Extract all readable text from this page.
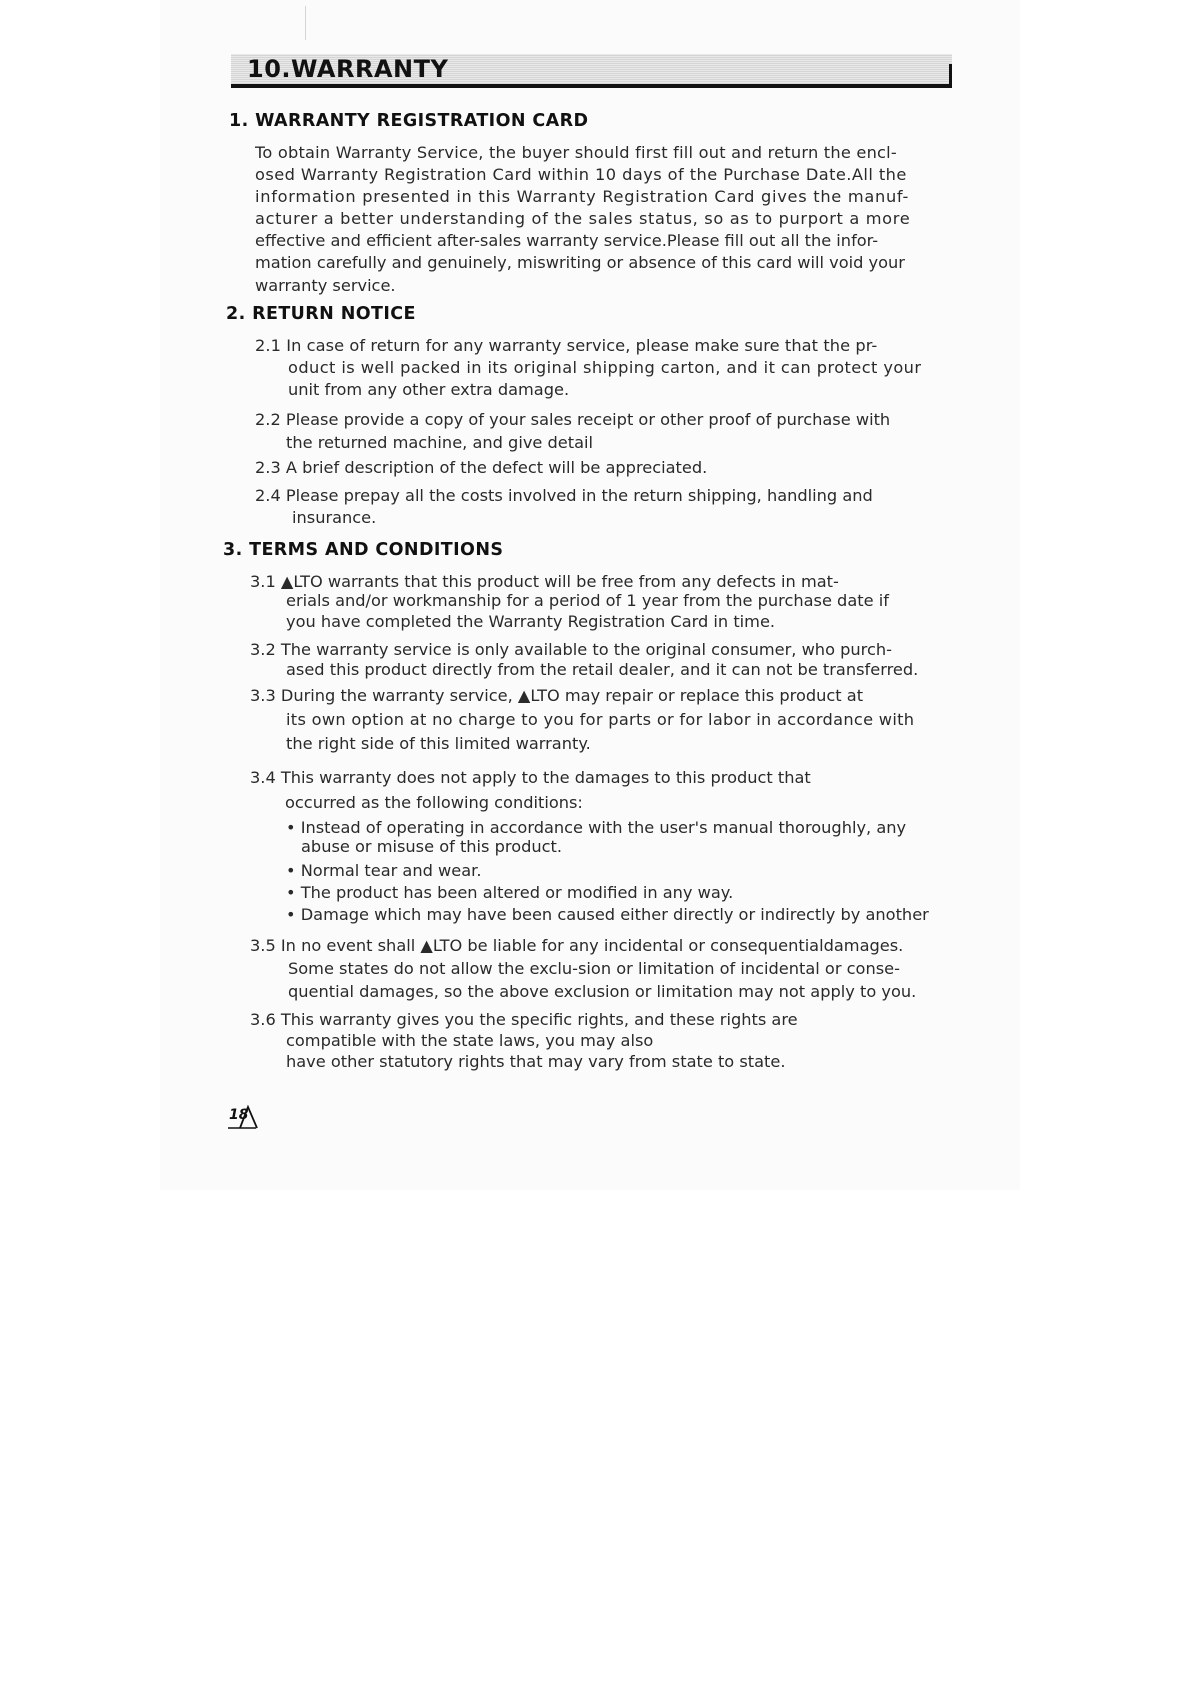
10.WARRANTY
1. WARRANTY REGISTRATION CARD
To obtain Warranty Service, the buyer should first fill out and return the encl-
osed Warranty Registration Card within 10 days of the Purchase Date.All the
information presented in this Warranty Registration Card gives the manuf-
acturer a better understanding of the sales status, so as to purport a more
effective and efficient after-sales warranty service.Please fill out all the infor-
mation carefully and genuinely, miswriting or absence of this card will void your
warranty service.
2. RETURN NOTICE
2.1 In case of return for any warranty service, please make sure that the pr-
oduct is well packed in its original shipping carton, and it can protect your
unit from any other extra damage.
2.2 Please provide a copy of your sales receipt or other proof of purchase with
the returned machine, and give detail
2.3 A brief description of the defect will be appreciated.
2.4 Please prepay all the costs involved in the return shipping, handling and
insurance.
3. TERMS AND CONDITIONS
3.1 ▲LTO warrants that this product will be free from any defects in mat-
erials and/or workmanship for a period of 1 year from the purchase date if
you have completed the Warranty Registration Card in time.
3.2 The warranty service is only available to the original consumer, who purch-
ased this product directly from the retail dealer, and it can not be transferred.
3.3 During the warranty service, ▲LTO may repair or replace this product at
its own option at no charge to you for parts or for labor in accordance with
the right side of this limited warranty.
3.4 This warranty does not apply to the damages to this product that
occurred as the following conditions:
• Instead of operating in accordance with the user's manual thoroughly, any
abuse or misuse of this product.
• Normal tear and wear.
• The product has been altered or modified in any way.
• Damage which may have been caused either directly or indirectly by another
3.5 In no event shall ▲LTO be liable for any incidental or consequentialdamages.
Some states do not allow the exclu-sion or limitation of incidental or conse-
quential damages, so the above exclusion or limitation may not apply to you.
3.6 This warranty gives you the specific rights, and these rights are
compatible with the state laws, you may also
have other statutory rights that may vary from state to state.
18
